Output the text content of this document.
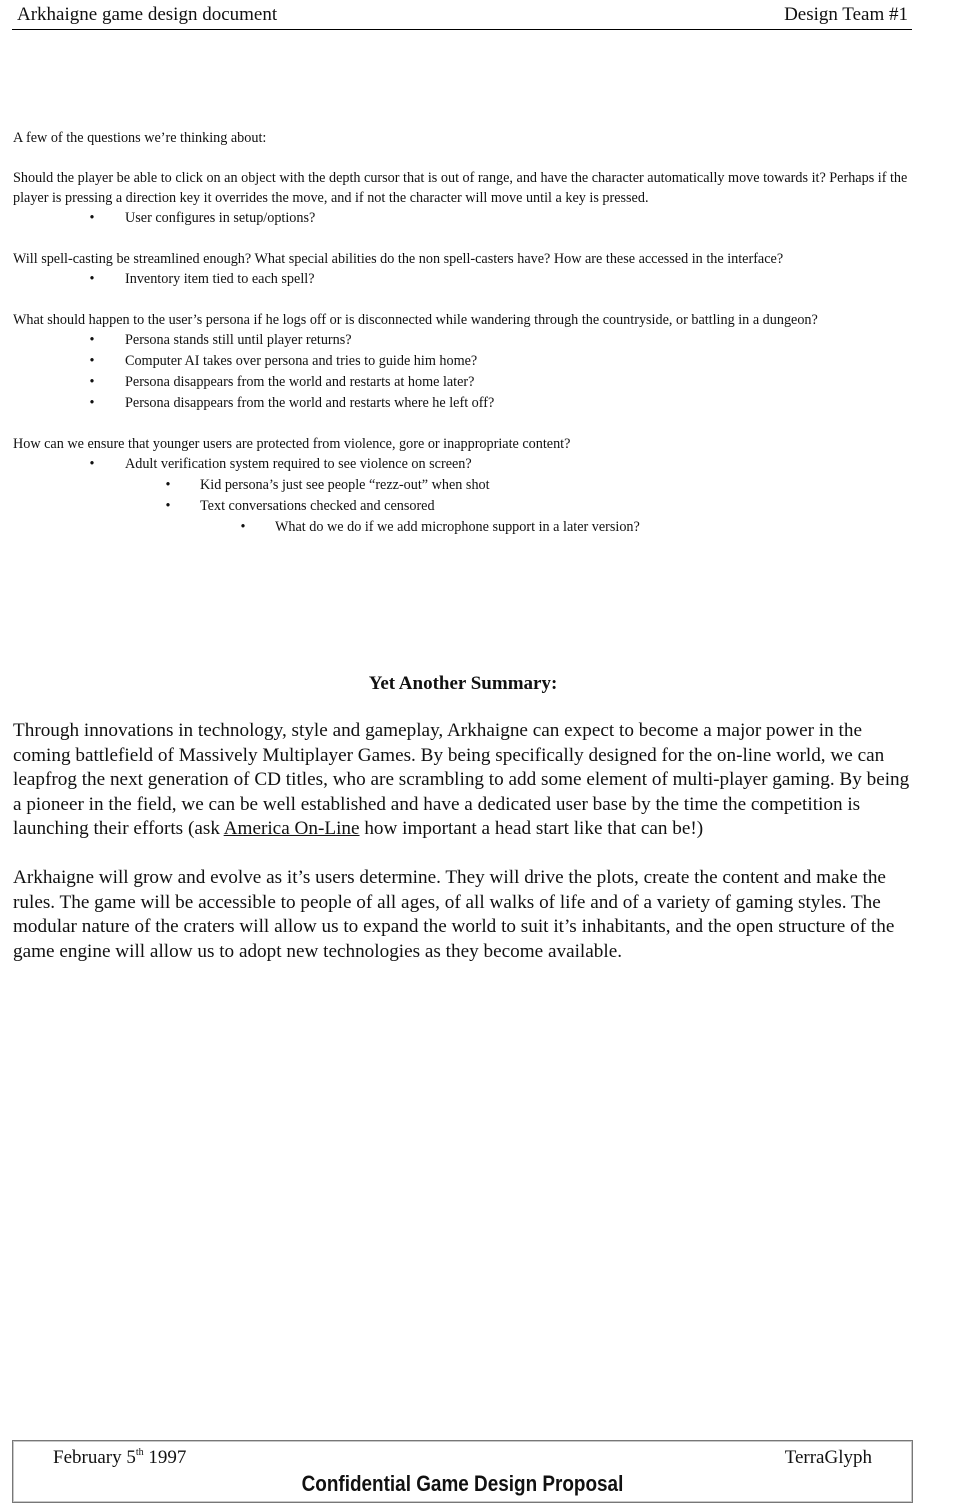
Arkhaigne game design document	Design Team #1

A few of the questions we’re thinking about:

Should the player be able to click on an object with the depth cursor that is out of range, and have the character automatically move towards it? Perhaps if the player is pressing a direction key it overrides the move, and if not the character will move until a key is pressed.

•	User configures in setup/options?

Will spell-casting be streamlined enough? What special abilities do the non spell-casters have? How are these accessed in the interface?

•	Inventory item tied to each spell?

What should happen to the user’s persona if he logs off or is disconnected while wandering through the countryside, or battling in a dungeon?

•	Persona stands still until player returns?
•	Computer AI takes over persona and tries to guide him home?
•	Persona disappears from the world and restarts at home later?
•	Persona disappears from the world and restarts where he left off?

How can we ensure that younger users are protected from violence, gore or inappropriate content?

•	Adult verification system required to see violence on screen?
•	Kid persona’s just see people “rezz-out” when shot
•	Text conversations checked and censored
•	What do we do if we add microphone support in a later version?
Yet Another Summary:

Through innovations in technology, style and gameplay, Arkhaigne can expect to become a major power in the coming battlefield of Massively Multiplayer Games. By being specifically designed for the on-line world, we can leapfrog the next generation of CD titles, who are scrambling to add some element of multi-player gaming. By being a pioneer in the field, we can be well established and have a dedicated user base by the time the competition is launching their efforts (ask America On-Line how important a head start like that can be!)

Arkhaigne will grow and evolve as it’s users determine. They will drive the plots, create the content and make the rules. The game will be accessible to people of all ages, of all walks of life and of a variety of gaming styles. The modular nature of the craters will allow us to expand the world to suit it’s inhabitants, and the open structure of the game engine will allow us to adopt new technologies as they become available.

February 5th 1997	TerraGlyph
Confidential Game Design Proposal
